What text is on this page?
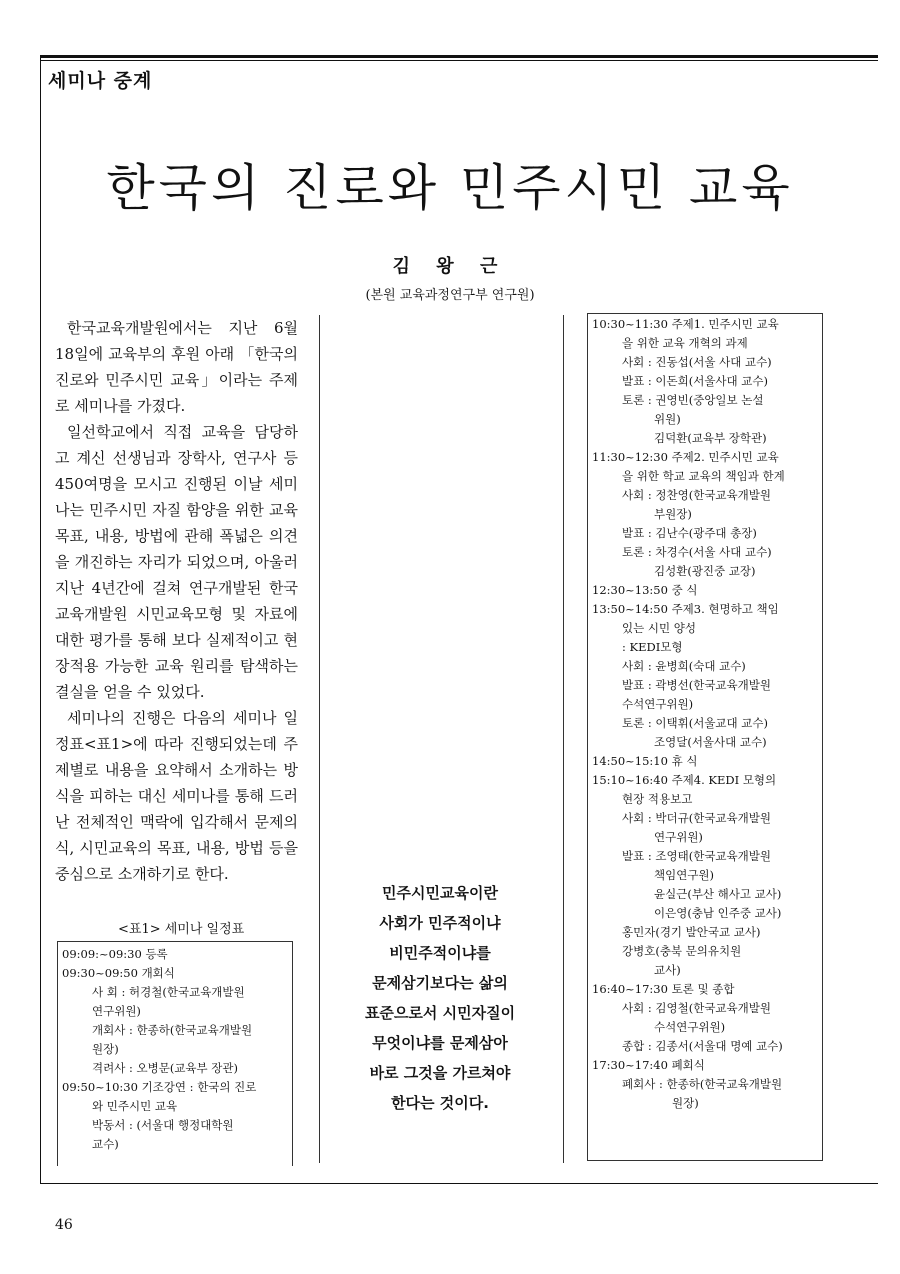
세미나 중계
한국의 진로와 민주시민 교육
김 왕 근
(본원 교육과정연구부 연구원)

한국교육개발원에서는 지난 6월 18일에 교육부의 후원 아래 「한국의 진로와 민주시민 교육」이라는 주제로 세미나를 가졌다.

일선학교에서 직접 교육을 담당하고 계신 선생님과 장학사, 연구사 등 450여명을 모시고 진행된 이날 세미나는 민주시민 자질 함양을 위한 교육 목표, 내용, 방법에 관해 폭넓은 의견을 개진하는 자리가 되었으며, 아울러 지난 4년간에 걸쳐 연구개발된 한국교육개발원 시민교육모형 및 자료에 대한 평가를 통해 보다 실제적이고 현장적용 가능한 교육 원리를 탐색하는 결실을 얻을 수 있었다.

세미나의 진행은 다음의 세미나 일정표<표1>에 따라 진행되었는데 주제별로 내용을 요약해서 소개하는 방식을 피하는 대신 세미나를 통해 드러난 전체적인 맥락에 입각해서 문제의식, 시민교육의 목표, 내용, 방법 등을 중심으로 소개하기로 한다.

민주시민교육이란
사회가 민주적이냐
비민주적이냐를
문제삼기보다는 삶의
표준으로서 시민자질이
무엇이냐를 문제삼아
바로 그것을 가르쳐야
한다는 것이다.
<표1> 세미나 일정표
09:09:~09:30 등록
09:30~09:50 개회식
사 회 : 허경철(한국교육개발원
연구위원)
개회사 : 한종하(한국교육개발원
원장)
격려사 : 오병문(교육부 장관)
09:50~10:30 기조강연 : 한국의 진로
와 민주시민 교육
박동서 : (서울대 행정대학원
교수)
10:30~11:30 주제1. 민주시민 교육
을 위한 교육 개혁의 과제
사회 : 진동섭(서울 사대 교수)
발표 : 이돈희(서울사대 교수)
토론 : 권영빈(중앙일보 논설
위원)
김덕환(교육부 장학관)
11:30~12:30 주제2. 민주시민 교육
을 위한 학교 교육의 책임과 한계
사회 : 정찬영(한국교육개발원
부원장)
발표 : 김난수(광주대 총장)
토론 : 차경수(서울 사대 교수)
김성환(광진중 교장)
12:30~13:50 중 식
13:50~14:50 주제3. 현명하고 책임
있는 시민 양성
: KEDI모형
사회 : 윤병희(숙대 교수)
발표 : 곽병선(한국교육개발원
수석연구위원)
토론 : 이택휘(서울교대 교수)
조영달(서울사대 교수)
14:50~15:10 휴 식
15:10~16:40 주제4. KEDI 모형의
현장 적용보고
사회 : 박더규(한국교육개발원
연구위원)
발표 : 조영태(한국교육개발원
책임연구원)
윤실근(부산 해사고 교사)
이은영(충남 인주중 교사)
홍민자(경기 발안국교 교사)
강병호(충북 문의유치원
교사)
16:40~17:30 토론 및 종합
사회 : 김영철(한국교육개발원
수석연구위원)
종합 : 김종서(서울대 명예 교수)
17:30~17:40 폐회식
폐회사 : 한종하(한국교육개발원
원장)
46
